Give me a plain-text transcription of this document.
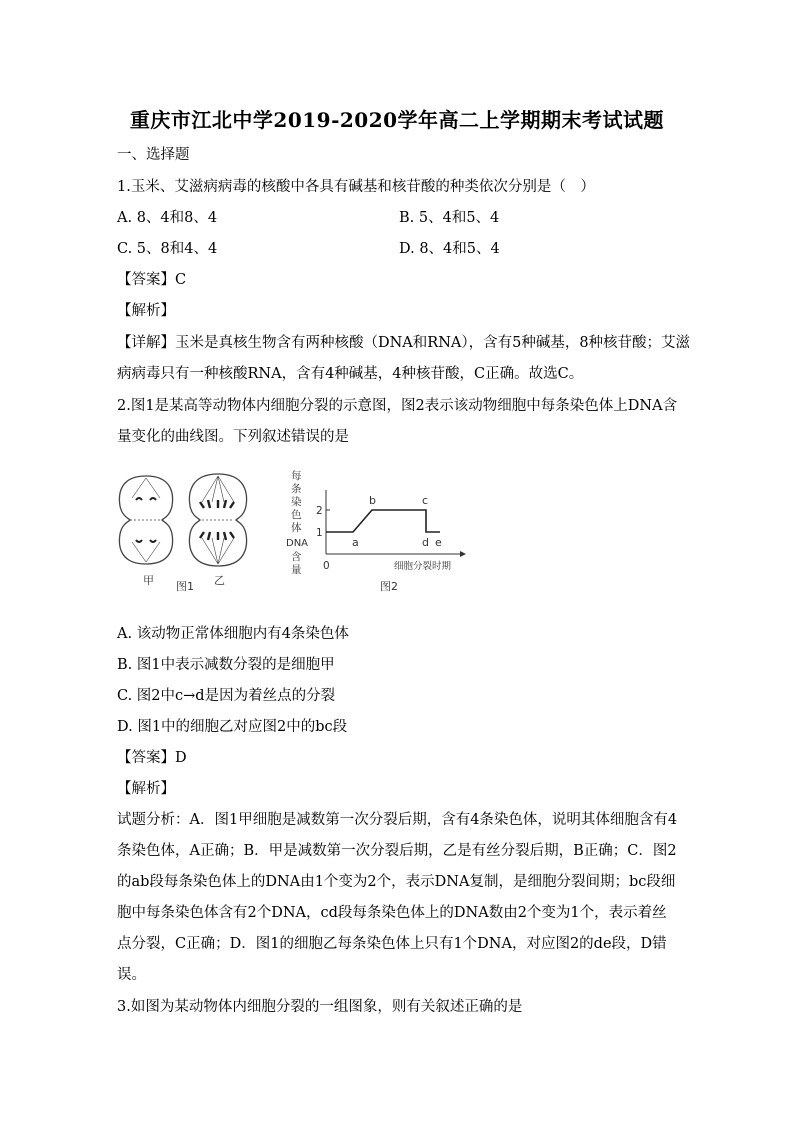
重庆市江北中学2019-2020学年高二上学期期末考试试题
一、选择题
1.玉米、艾滋病病毒的核酸中各具有碱基和核苷酸的种类依次分别是（　）
A. 8、4和8、4	B. 5、4和5、4
C. 5、8和4、4	D. 8、4和5、4
【答案】C
【解析】
【详解】玉米是真核生物含有两种核酸（DNA和RNA），含有5种碱基，8种核苷酸；艾滋
病病毒只有一种核酸RNA，含有4种碱基，4种核苷酸，C正确。故选C。
2.图1是某高等动物体内细胞分裂的示意图，图2表示该动物细胞中每条染色体上DNA含
量变化的曲线图。下列叙述错误的是
甲	乙
图1
每 条 染 色 体 DNA 含 量
1
2
0
a
b	c
d e
细胞分裂时期
图2
A. 该动物正常体细胞内有4条染色体
B. 图1中表示减数分裂的是细胞甲
C. 图2中c→d是因为着丝点的分裂
D. 图1中的细胞乙对应图2中的bc段
【答案】D
【解析】
试题分析：A．图1甲细胞是减数第一次分裂后期，含有4条染色体，说明其体细胞含有4
条染色体，A正确；B．甲是减数第一次分裂后期，乙是有丝分裂后期，B正确；C．图2
的ab段每条染色体上的DNA由1个变为2个，表示DNA复制，是细胞分裂间期；bc段细
胞中每条染色体含有2个DNA，cd段每条染色体上的DNA数由2个变为1个，表示着丝
点分裂，C正确；D．图1的细胞乙每条染色体上只有1个DNA，对应图2的de段，D错
误。
3.如图为某动物体内细胞分裂的一组图象，则有关叙述正确的是
